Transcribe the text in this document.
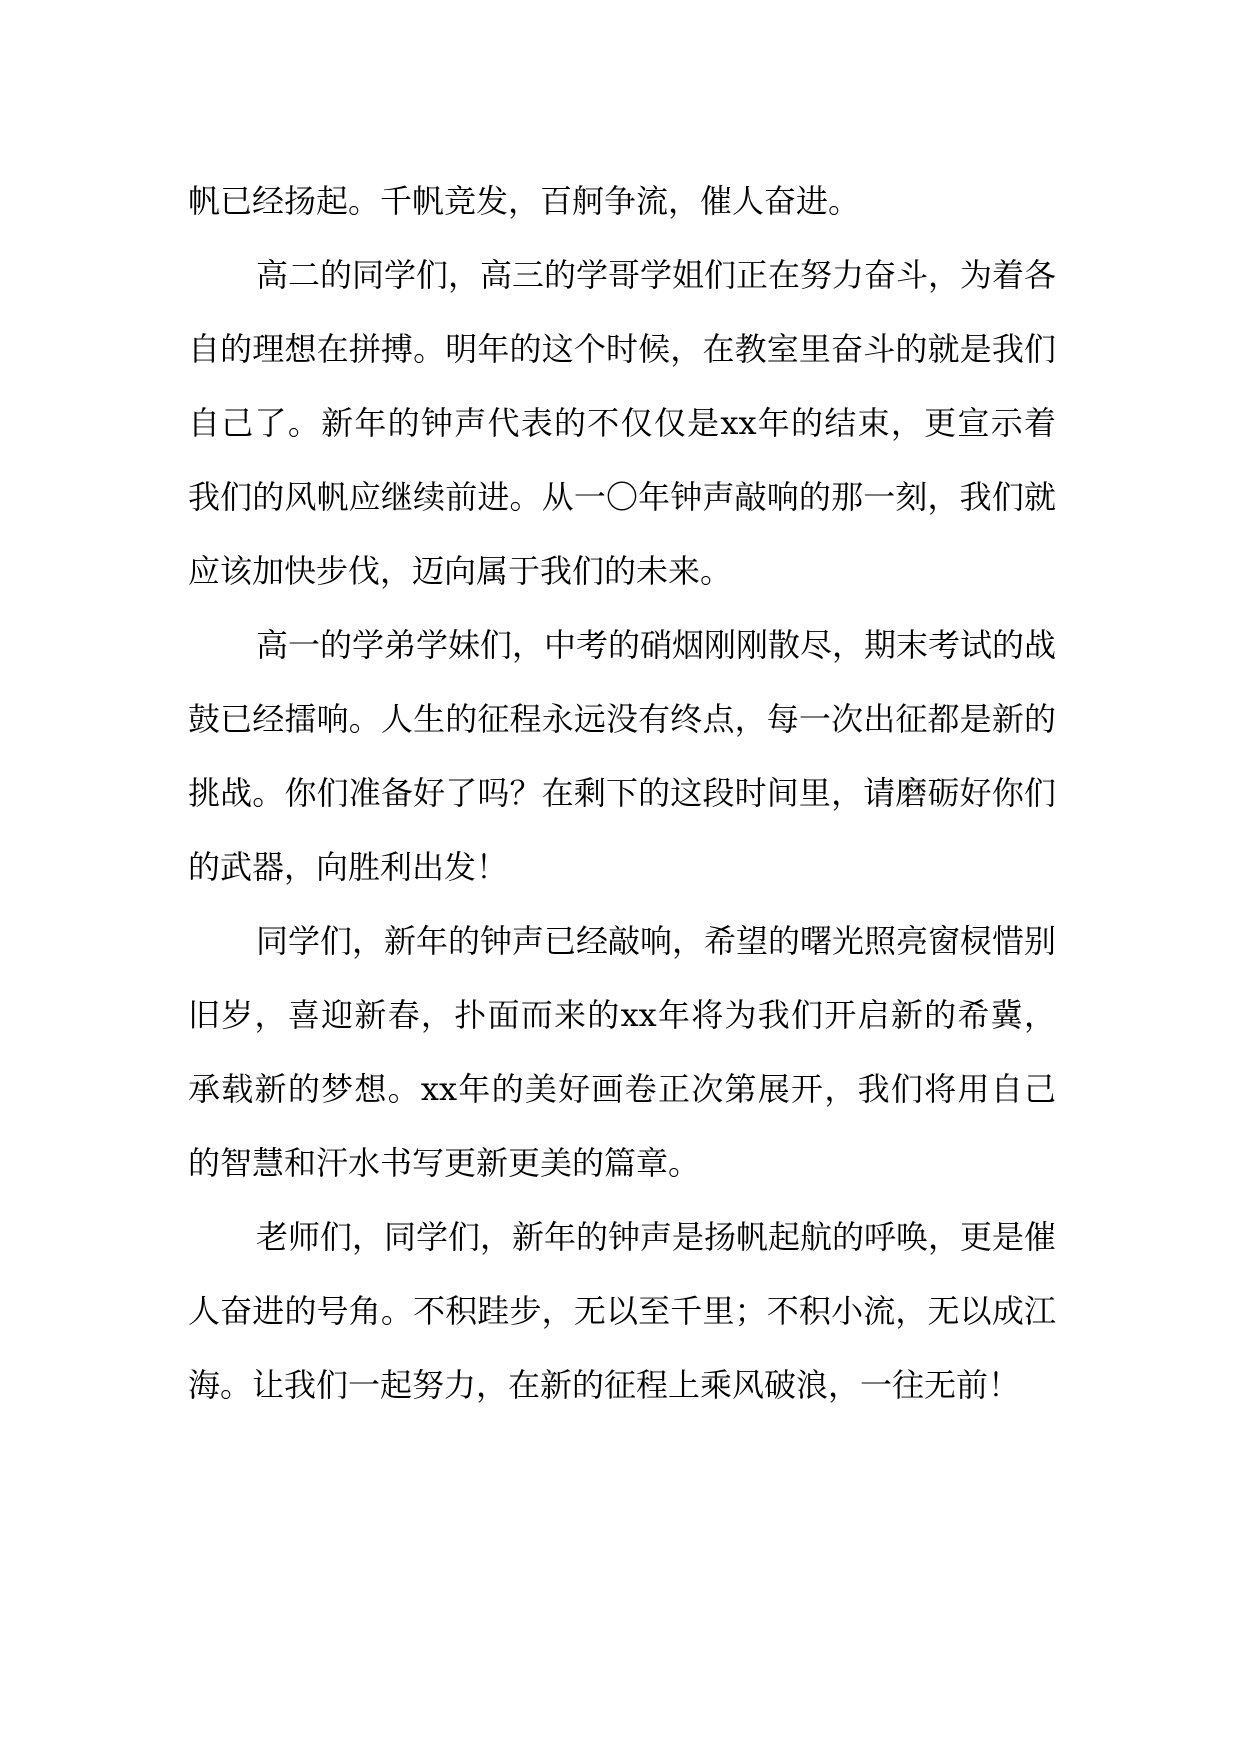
帆已经扬起。千帆竞发，百舸争流，催人奋进。

高二的同学们，高三的学哥学姐们正在努力奋斗，为着各自的理想在拼搏。明年的这个时候，在教室里奋斗的就是我们自己了。新年的钟声代表的不仅仅是xx年的结束，更宣示着我们的风帆应继续前进。从一〇年钟声敲响的那一刻，我们就应该加快步伐，迈向属于我们的未来。

高一的学弟学妹们，中考的硝烟刚刚散尽，期末考试的战鼓已经擂响。人生的征程永远没有终点，每一次出征都是新的挑战。你们准备好了吗？在剩下的这段时间里，请磨砺好你们的武器，向胜利出发！

同学们，新年的钟声已经敲响，希望的曙光照亮窗棂惜别旧岁，喜迎新春，扑面而来的xx年将为我们开启新的希冀，承载新的梦想。xx年的美好画卷正次第展开，我们将用自己的智慧和汗水书写更新更美的篇章。

老师们，同学们，新年的钟声是扬帆起航的呼唤，更是催人奋进的号角。不积跬步，无以至千里；不积小流，无以成江海。让我们一起努力，在新的征程上乘风破浪，一往无前！
